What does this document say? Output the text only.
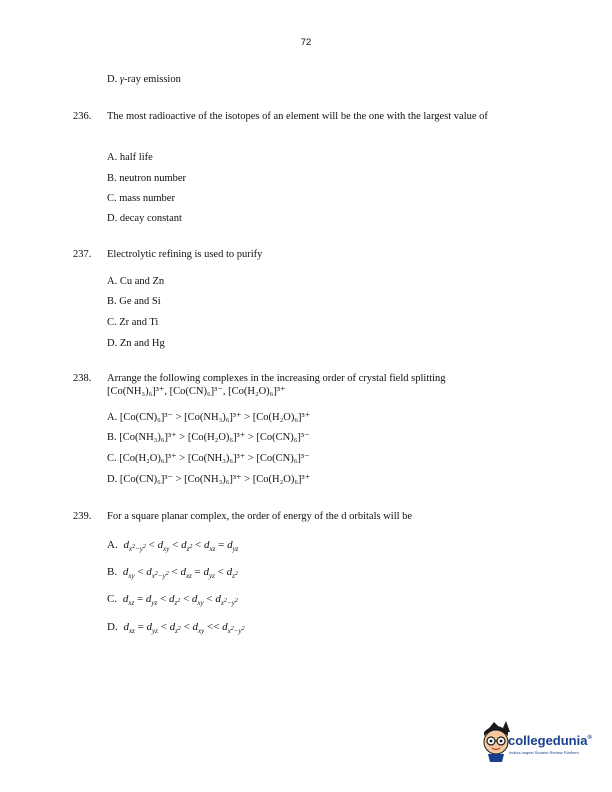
72
D. γ-ray emission
236. The most radioactive of the isotopes of an element will be the one with the largest value of
A. half life
B. neutron number
C. mass number
D. decay constant
237. Electrolytic refining is used to purify
A. Cu and Zn
B. Ge and Si
C. Zr and Ti
D. Zn and Hg
238. Arrange the following complexes in the increasing order of crystal field splitting
[Co(NH₃)₆]³⁺, [Co(CN)₆]³⁻, [Co(H₂O)₆]³⁺
A. [Co(CN)₆]³⁻ > [Co(NH₃)₆]³⁺ > [Co(H₂O)₆]³⁺
B. [Co(NH₃)₆]³⁺ > [Co(H₂O)₆]³⁺ > [Co(CN)₆]³⁻
C. [Co(H₂O)₆]³⁺ > [Co(NH₃)₆]³⁺ > [Co(CN)₆]³⁻
D. [Co(CN)₆]³⁻ > [Co(NH₃)₆]³⁺ > [Co(H₂O)₆]³⁺
239. For a square planar complex, the order of energy of the d orbitals will be
A. $d_{x^2-y^2} < d_{xy} < d_{z^2} < d_{xz} = d_{yz}$
B. $d_{xy} < d_{x^2-y^2} < d_{xz} = d_{yz} < d_{z^2}$
C. $d_{xz} = d_{yz} < d_{z^2} < d_{xy} < d_{x^2-y^2}$
D. $d_{xz} = d_{yz} < d_{z^2} < d_{xy} << d_{x^2-y^2}$
collegedunia®
India's largest Student Review Platform
